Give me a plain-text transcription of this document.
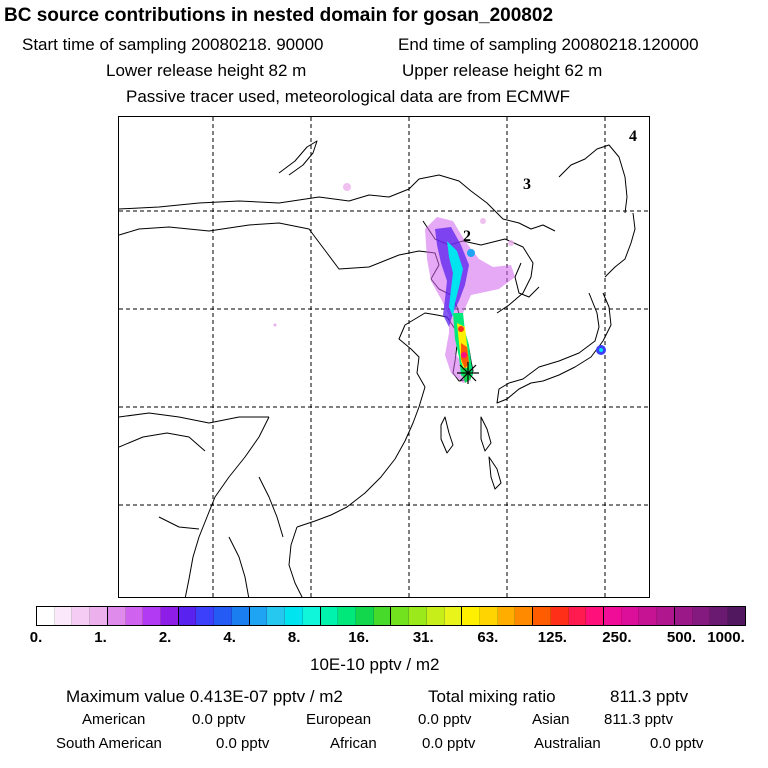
BC source contributions in nested domain for gosan_200802
Start time of sampling 20080218. 90000	End time of sampling 20080218.120000
Lower release height 82 m	Upper release height 62 m
Passive tracer used, meteorological data are from ECMWF
2
3
4
0.	1.	2.	4.	8.	16.	31.	63.	125. 250. 500. 1000.
10E-10 pptv / m2
Maximum value 0.413E-07 pptv / m2	Total mixing ratio	811.3 pptv
American	0.0 pptv	European	0.0 pptv	Asian 811.3 pptv
South American	0.0 pptv	African	0.0 pptv	Australian	0.0 pptv
